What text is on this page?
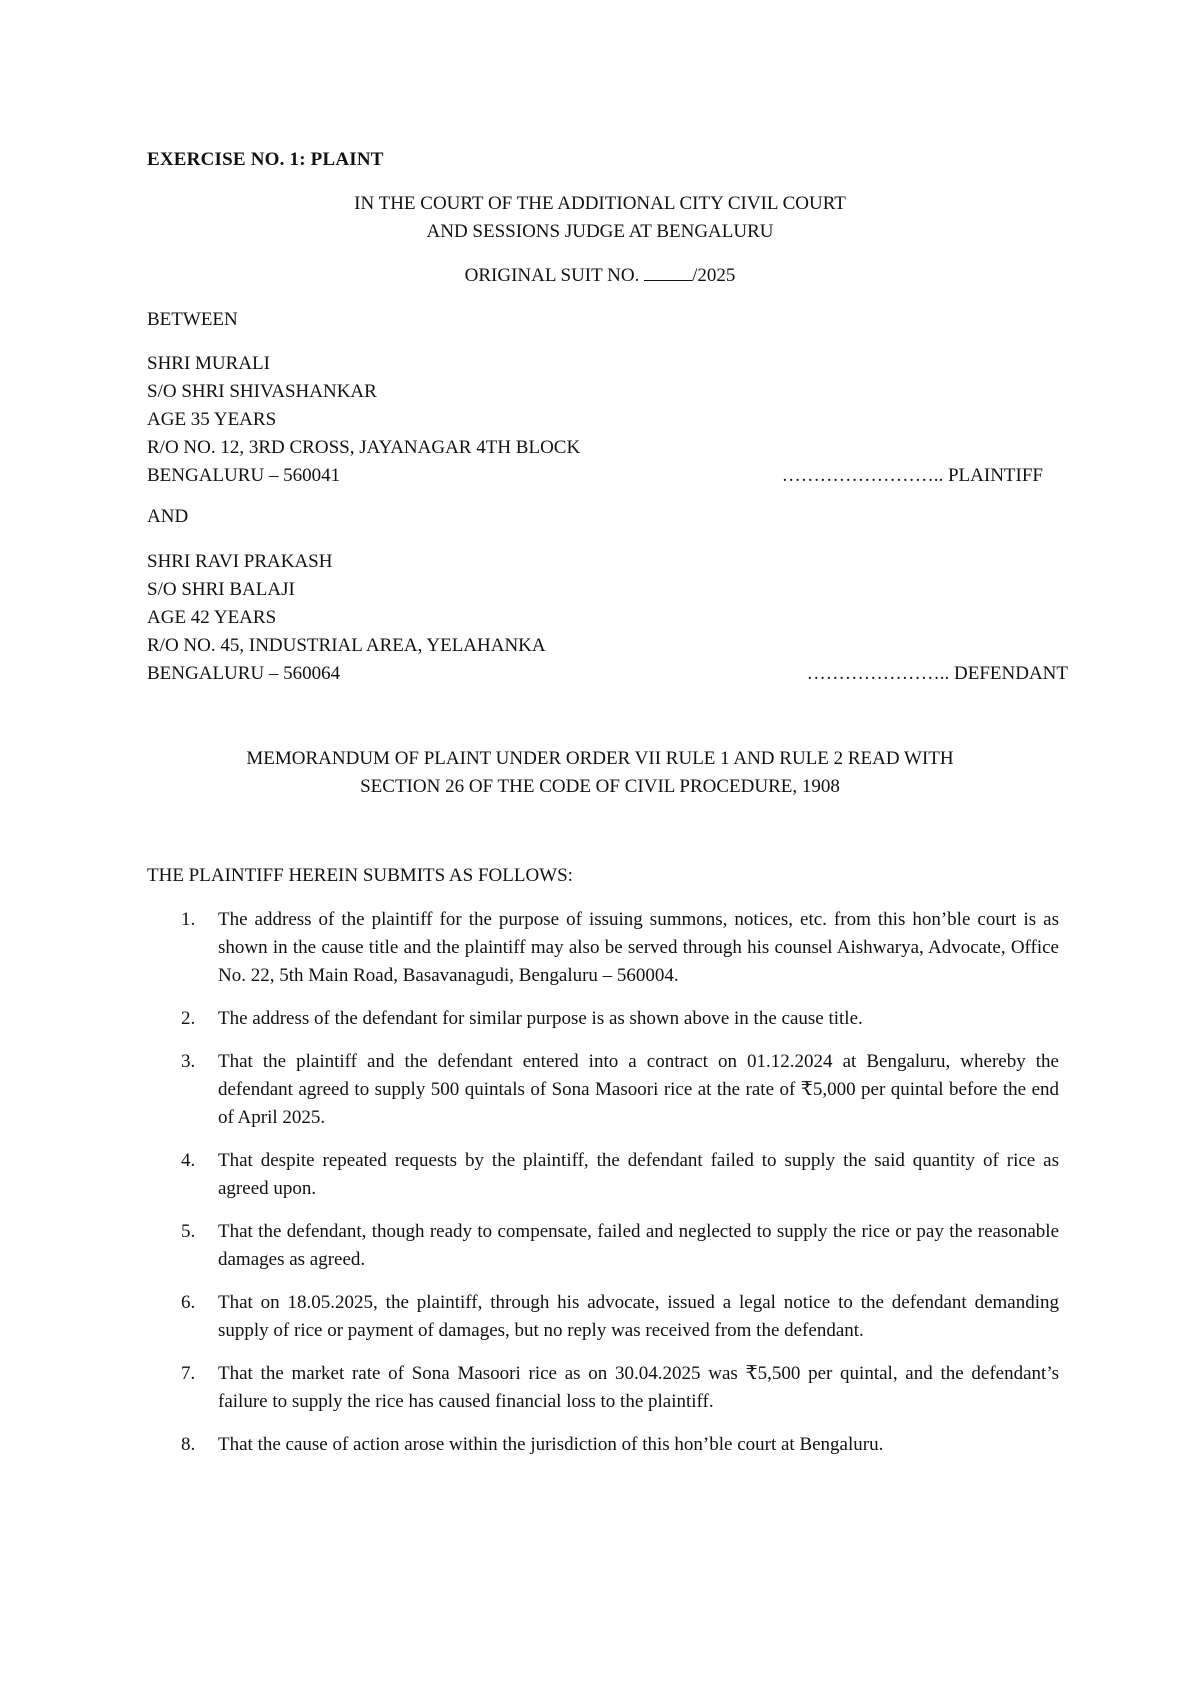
EXERCISE NO. 1: PLAINT
IN THE COURT OF THE ADDITIONAL CITY CIVIL COURT
AND SESSIONS JUDGE AT BENGALURU
ORIGINAL SUIT NO.	/2025
BETWEEN
SHRI MURALI
S/O SHRI SHIVASHANKAR
AGE 35 YEARS
R/O NO. 12, 3RD CROSS, JAYANAGAR 4TH BLOCK
BENGALURU – 560041	…………………….. PLAINTIFF
AND
SHRI RAVI PRAKASH
S/O SHRI BALAJI
AGE 42 YEARS
R/O NO. 45, INDUSTRIAL AREA, YELAHANKA
BENGALURU – 560064	………………….. DEFENDANT
MEMORANDUM OF PLAINT UNDER ORDER VII RULE 1 AND RULE 2 READ WITH
SECTION 26 OF THE CODE OF CIVIL PROCEDURE, 1908
THE PLAINTIFF HEREIN SUBMITS AS FOLLOWS:
1. The address of the plaintiff for the purpose of issuing summons, notices, etc. from this hon’ble court is as shown in the cause title and the plaintiff may also be served through his counsel Aishwarya, Advocate, Office No. 22, 5th Main Road, Basavanagudi, Bengaluru – 560004.
2. The address of the defendant for similar purpose is as shown above in the cause title.
3. That the plaintiff and the defendant entered into a contract on 01.12.2024 at Bengaluru, whereby the defendant agreed to supply 500 quintals of Sona Masoori rice at the rate of ₹5,000 per quintal before the end of April 2025.
4. That despite repeated requests by the plaintiff, the defendant failed to supply the said quantity of rice as agreed upon.
5. That the defendant, though ready to compensate, failed and neglected to supply the rice or pay the reasonable damages as agreed.
6. That on 18.05.2025, the plaintiff, through his advocate, issued a legal notice to the defendant demanding supply of rice or payment of damages, but no reply was received from the defendant.
7. That the market rate of Sona Masoori rice as on 30.04.2025 was ₹5,500 per quintal, and the defendant’s failure to supply the rice has caused financial loss to the plaintiff.
8. That the cause of action arose within the jurisdiction of this hon’ble court at Bengaluru.
